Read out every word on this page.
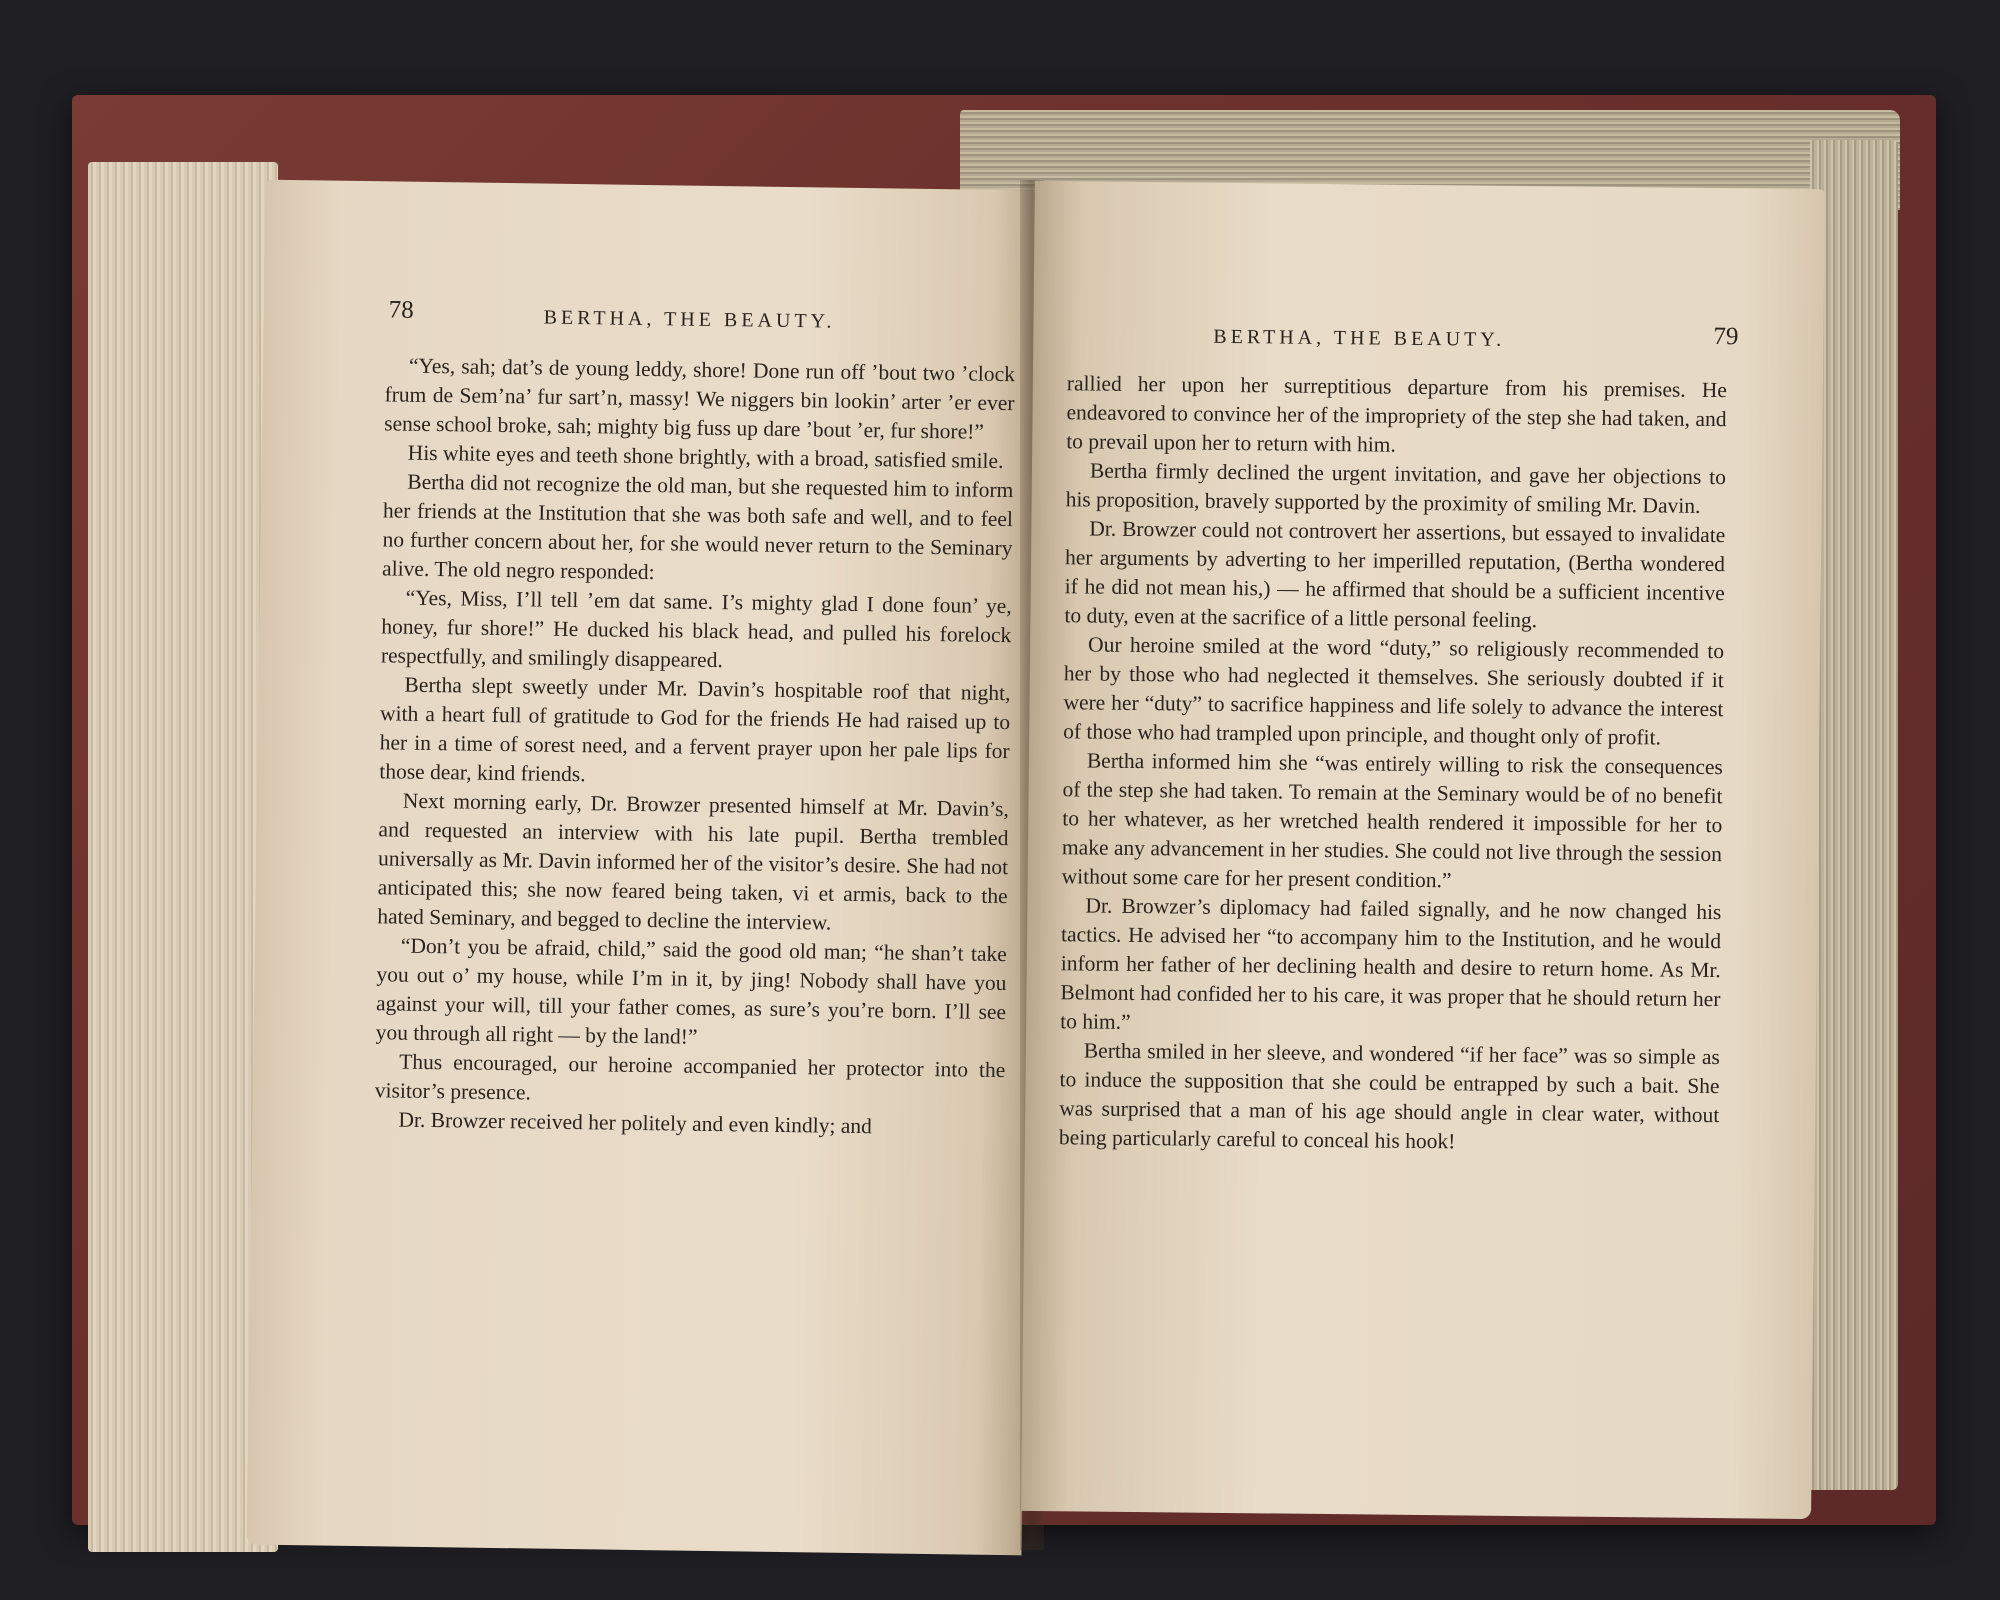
78	BERTHA, THE BEAUTY.

“Yes, sah; dat’s de young leddy, shore! Done run off ’bout two ’clock frum de Sem’na’ fur sart’n, massy! We niggers bin lookin’ arter ’er ever sense school broke, sah; mighty big fuss up dare ’bout ’er, fur shore!”

His white eyes and teeth shone brightly, with a broad, satisfied smile.

Bertha did not recognize the old man, but she requested him to inform her friends at the Institution that she was both safe and well, and to feel no further concern about her, for she would never return to the Seminary alive. The old negro responded:

“Yes, Miss, I’ll tell ’em dat same. I’s mighty glad I done foun’ ye, honey, fur shore!” He ducked his black head, and pulled his forelock respectfully, and smilingly disappeared.

Bertha slept sweetly under Mr. Davin’s hospitable roof that night, with a heart full of gratitude to God for the friends He had raised up to her in a time of sorest need, and a fervent prayer upon her pale lips for those dear, kind friends.

Next morning early, Dr. Browzer presented himself at Mr. Davin’s, and requested an interview with his late pupil. Bertha trembled universally as Mr. Davin informed her of the visitor’s desire. She had not anticipated this; she now feared being taken, vi et armis, back to the hated Seminary, and begged to decline the interview.

“Don’t you be afraid, child,” said the good old man; “he shan’t take you out o’ my house, while I’m in it, by jing! Nobody shall have you against your will, till your father comes, as sure’s you’re born. I’ll see you through all right — by the land!”

Thus encouraged, our heroine accompanied her protector into the visitor’s presence.

Dr. Browzer received her politely and even kindly; and

BERTHA, THE BEAUTY.	79

rallied her upon her surreptitious departure from his premises. He endeavored to convince her of the impropriety of the step she had taken, and to prevail upon her to return with him.

Bertha firmly declined the urgent invitation, and gave her objections to his proposition, bravely supported by the proximity of smiling Mr. Davin.

Dr. Browzer could not controvert her assertions, but essayed to invalidate her arguments by adverting to her imperilled reputation, (Bertha wondered if he did not mean his,) — he affirmed that should be a sufficient incentive to duty, even at the sacrifice of a little personal feeling.

Our heroine smiled at the word “duty,” so religiously recommended to her by those who had neglected it themselves. She seriously doubted if it were her “duty” to sacrifice happiness and life solely to advance the interest of those who had trampled upon principle, and thought only of profit.

Bertha informed him she “was entirely willing to risk the consequences of the step she had taken. To remain at the Seminary would be of no benefit to her whatever, as her wretched health rendered it impossible for her to make any advancement in her studies. She could not live through the session without some care for her present condition.”

Dr. Browzer’s diplomacy had failed signally, and he now changed his tactics. He advised her “to accompany him to the Institution, and he would inform her father of her declining health and desire to return home. As Mr. Belmont had confided her to his care, it was proper that he should return her to him.”

Bertha smiled in her sleeve, and wondered “if her face” was so simple as to induce the supposition that she could be entrapped by such a bait. She was surprised that a man of his age should angle in clear water, without being particularly careful to conceal his hook!
